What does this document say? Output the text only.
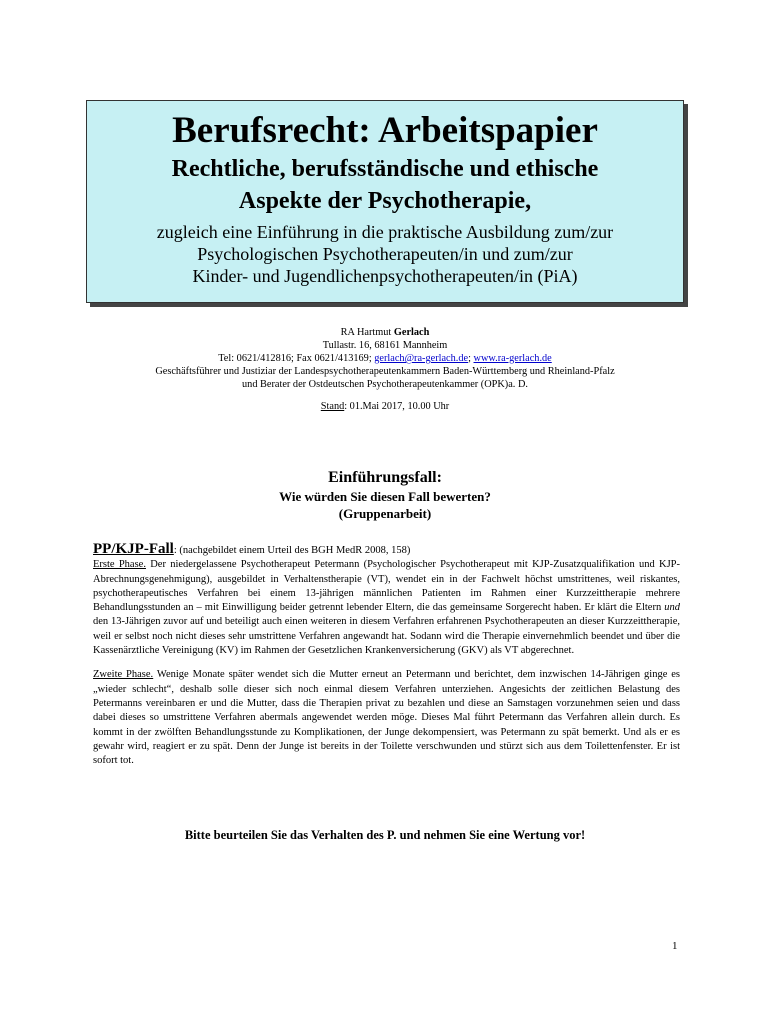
Berufsrecht: Arbeitspapier
Rechtliche, berufsständische und ethische
Aspekte der Psychotherapie,
zugleich eine Einführung in die praktische Ausbildung zum/zur
Psychologischen Psychotherapeuten/in und zum/zur
Kinder- und Jugendlichenpsychotherapeuten/in (PiA)
RA Hartmut Gerlach
Tullastr. 16, 68161 Mannheim
Tel: 0621/412816; Fax 0621/413169; gerlach@ra-gerlach.de; www.ra-gerlach.de
Geschäftsführer und Justiziar der Landespsychotherapeutenkammern Baden-Württemberg und Rheinland-Pfalz
und Berater der Ostdeutschen Psychotherapeutenkammer (OPK)a. D.
Stand: 01.Mai 2017, 10.00 Uhr
Einführungsfall:
Wie würden Sie diesen Fall bewerten?
(Gruppenarbeit)

PP/KJP-Fall: (nachgebildet einem Urteil des BGH MedR 2008, 158)

Erste Phase. Der niedergelassene Psychotherapeut Petermann (Psychologischer Psychotherapeut mit KJP-Zusatzqualifikation und KJP-Abrechnungsgenehmigung), ausgebildet in Verhaltenstherapie (VT), wendet ein in der Fachwelt höchst umstrittenes, weil riskantes, psychotherapeutisches Verfahren bei einem 13-jährigen männlichen Patienten im Rahmen einer Kurzzeittherapie mehrere Behandlungsstunden an – mit Einwilligung beider getrennt lebender Eltern, die das gemeinsame Sorgerecht haben. Er klärt die Eltern und den 13-Jährigen zuvor auf und beteiligt auch einen weiteren in diesem Verfahren erfahrenen Psychotherapeuten an dieser Kurzzeittherapie, weil er selbst noch nicht dieses sehr umstrittene Verfahren angewandt hat. Sodann wird die Therapie einvernehmlich beendet und über die Kassenärztliche Vereinigung (KV) im Rahmen der Gesetzlichen Krankenversicherung (GKV) als VT abgerechnet.

Zweite Phase. Wenige Monate später wendet sich die Mutter erneut an Petermann und berichtet, dem inzwischen 14-Jährigen ginge es „wieder schlecht“, deshalb solle dieser sich noch einmal diesem Verfahren unterziehen. Angesichts der zeitlichen Belastung des Petermanns vereinbaren er und die Mutter, dass die Therapien privat zu bezahlen und diese an Samstagen vorzunehmen seien und dass dabei dieses so umstrittene Verfahren abermals angewendet werden möge. Dieses Mal führt Petermann das Verfahren allein durch. Es kommt in der zwölften Behandlungsstunde zu Komplikationen, der Junge dekompensiert, was Petermann zu spät bemerkt. Und als er es gewahr wird, reagiert er zu spät. Denn der Junge ist bereits in der Toilette verschwunden und stürzt sich aus dem Toilettenfenster. Er ist sofort tot.

Bitte beurteilen Sie das Verhalten des P. und nehmen Sie eine Wertung vor!
1
